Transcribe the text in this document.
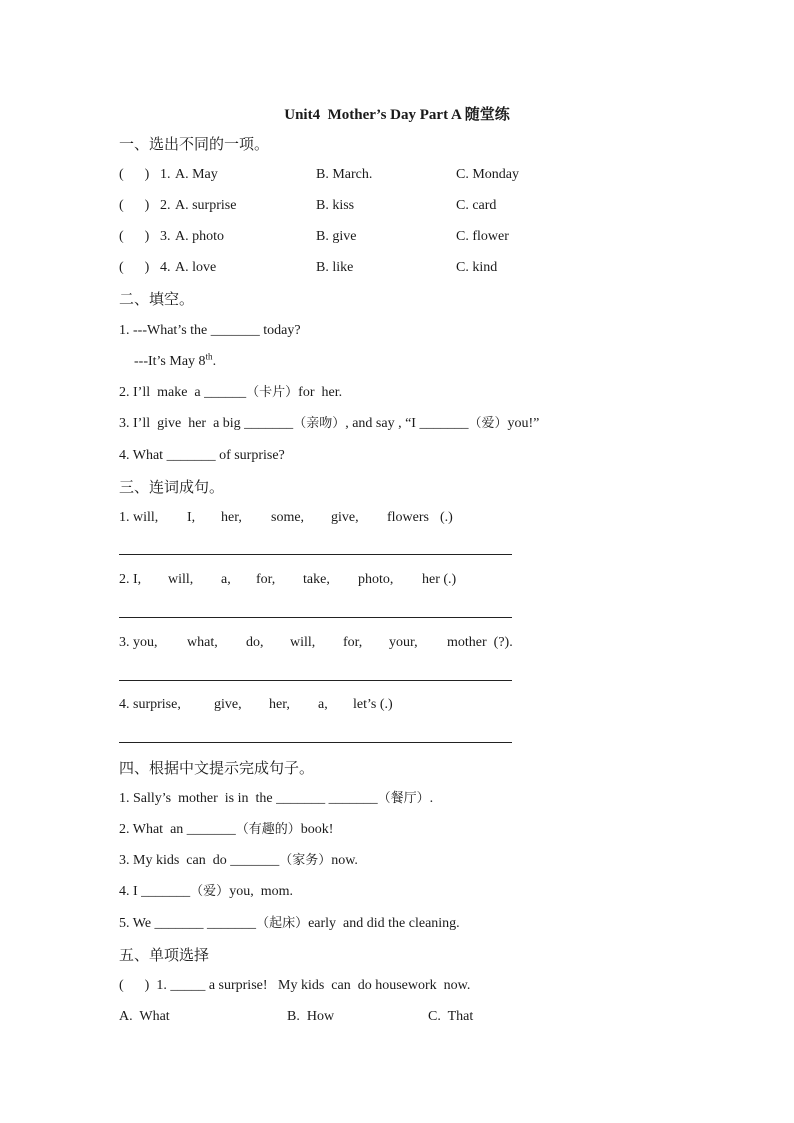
Unit4  Mother’s Day Part A 随堂练
一、选出不同的一项。
(      ) 1. A. May	B. March.	C. Monday
(      ) 2. A. surprise	B. kiss	C. card
(      ) 3. A. photo	B. give	C. flower
(      ) 4. A. love	B. like	C. kind
二、填空。
1. ---What’s the _______ today?
---It’s May 8th.
2. I’ll  make  a ______（卡片）for  her.
3. I’ll  give  her  a big _______（亲吻）, and say , “I _______（爱）you!”
4. What _______ of surprise?
三、连词成句。
1. will, I, her, some, give, flowers (.)
2. I, will, a, for, take, photo, her (.)
3. you, what, do, will, for, your, mother  (?).
4. surprise, give, her, a, let’s (.)
四、根据中文提示完成句子。
1. Sally’s  mother  is in  the _______ _______（餐厅）.
2. What  an _______（有趣的）book!
3. My kids  can  do _______（家务）now.
4. I _______（爱）you,  mom.
5. We _______ _______（起床）early  and did the cleaning.
五、单项选择
(      )  1. _____ a surprise!   My kids  can  do housework  now.
A.  What	B.  How	C.  That
